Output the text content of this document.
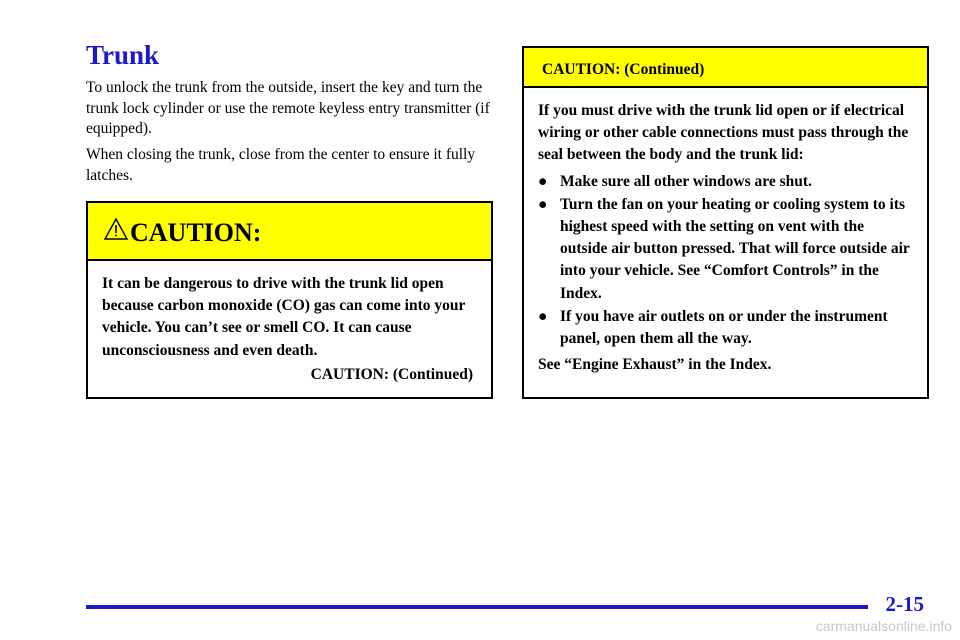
Trunk

To unlock the trunk from the outside, insert the key and turn the trunk lock cylinder or use the remote keyless entry transmitter (if equipped).

When closing the trunk, close from the center to ensure it fully latches.

CAUTION:

It can be dangerous to drive with the trunk lid open because carbon monoxide (CO) gas can come into your vehicle. You can’t see or smell CO. It can cause unconsciousness and even death.

CAUTION: (Continued)
CAUTION: (Continued)

If you must drive with the trunk lid open or if electrical wiring or other cable connections must pass through the seal between the body and the trunk lid:

● Make sure all other windows are shut.
● Turn the fan on your heating or cooling system to its highest speed with the setting on vent with the outside air button pressed. That will force outside air into your vehicle. See “Comfort Controls” in the Index.
● If you have air outlets on or under the instrument panel, open them all the way.

See “Engine Exhaust” in the Index.

2-15
carmanualsonline.info
